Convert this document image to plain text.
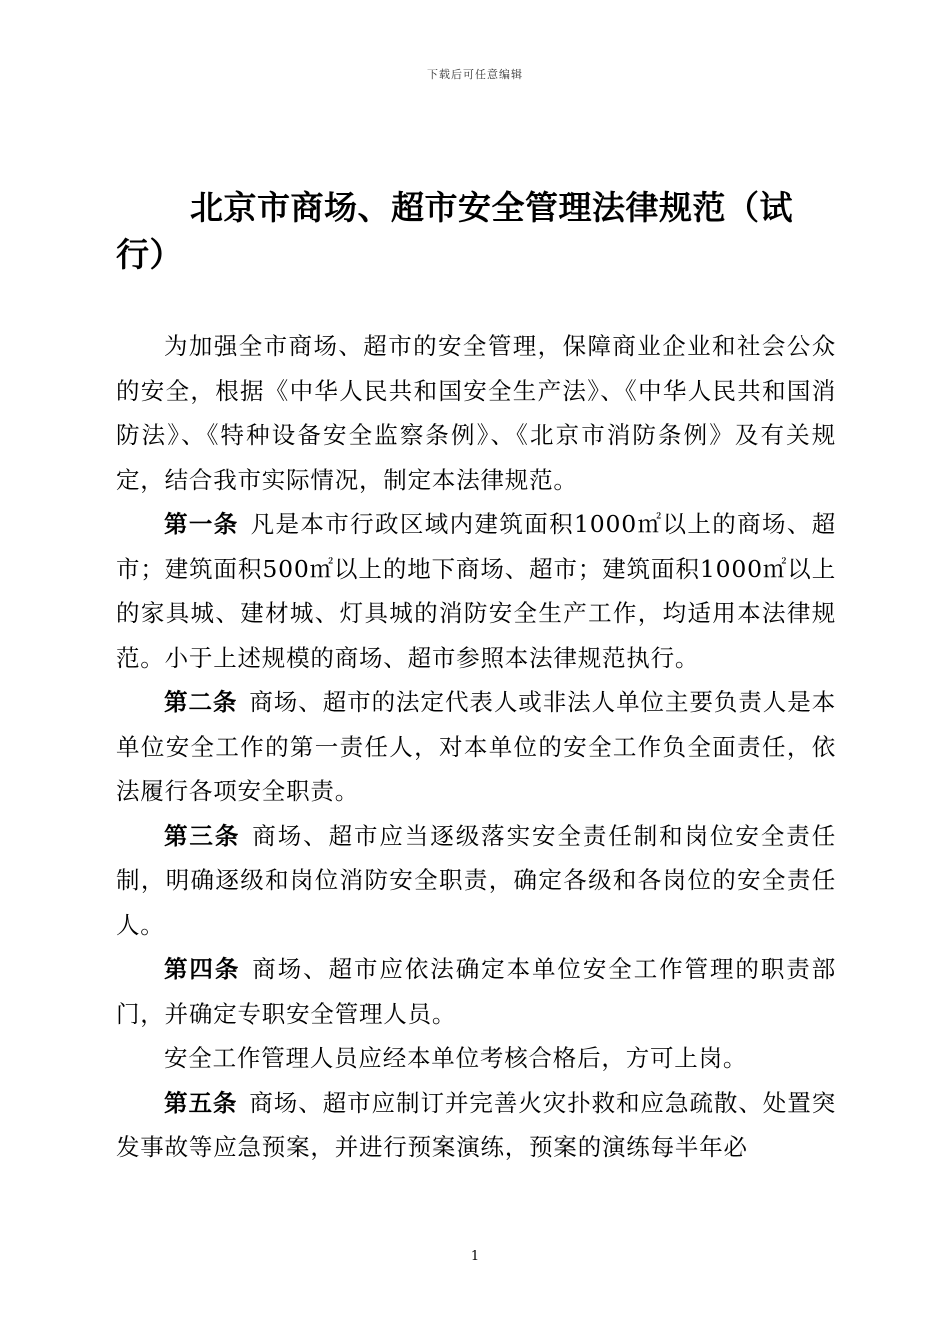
下载后可任意编辑
北京市商场、超市安全管理法律规范（试行）

为加强全市商场、超市的安全管理，保障商业企业和社会公众的安全，根据《中华人民共和国安全生产法》、《中华人民共和国消防法》、《特种设备安全监察条例》、《北京市消防条例》及有关规定，结合我市实际情况，制定本法律规范。

第一条 凡是本市行政区域内建筑面积1000㎡以上的商场、超市；建筑面积500㎡以上的地下商场、超市；建筑面积1000㎡以上的家具城、建材城、灯具城的消防安全生产工作，均适用本法律规范。小于上述规模的商场、超市参照本法律规范执行。

第二条 商场、超市的法定代表人或非法人单位主要负责人是本单位安全工作的第一责任人，对本单位的安全工作负全面责任，依法履行各项安全职责。

第三条 商场、超市应当逐级落实安全责任制和岗位安全责任制，明确逐级和岗位消防安全职责，确定各级和各岗位的安全责任人。

第四条 商场、超市应依法确定本单位安全工作管理的职责部门，并确定专职安全管理人员。

安全工作管理人员应经本单位考核合格后，方可上岗。

第五条 商场、超市应制订并完善火灾扑救和应急疏散、处置突发事故等应急预案，并进行预案演练，预案的演练每半年必

1
